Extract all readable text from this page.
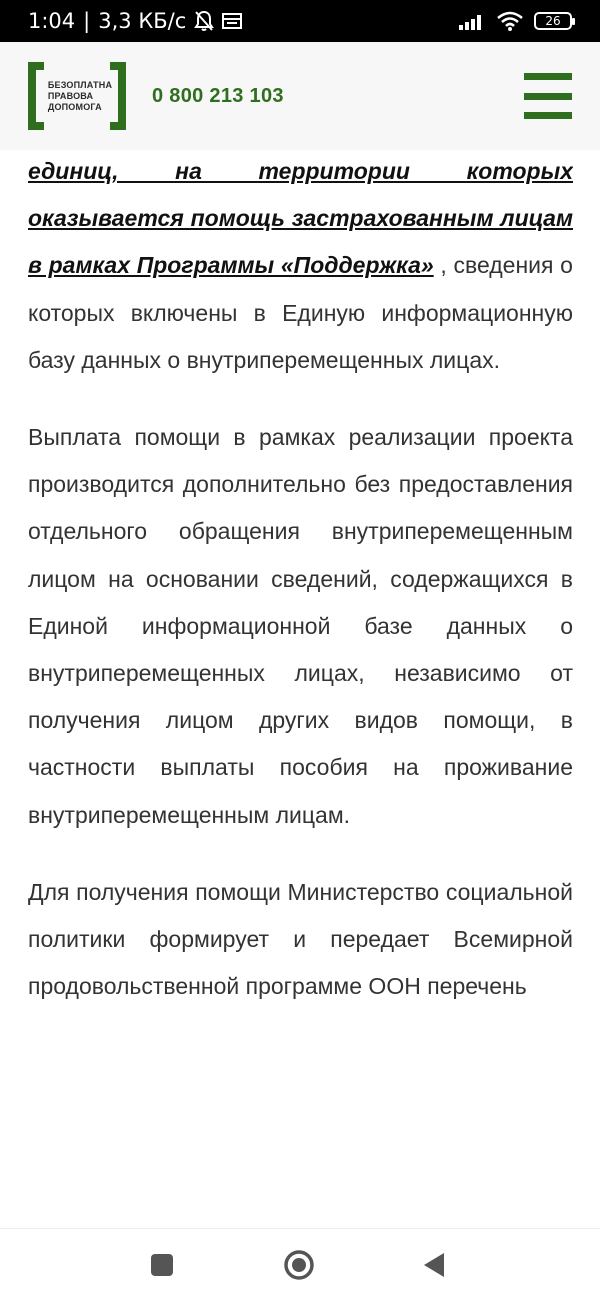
1:04 | 3,3 КБ/с	26
БЕЗОПЛАТНА
ПРАВОВА
ДОПОМОГА	0 800 213 103

единиц, на территории которых оказывается помощь застрахованным лицам в рамках Программы «Поддержка» , сведения о которых включены в Единую информационную базу данных о внутриперемещенных лицах.

Выплата помощи в рамках реализации проекта производится дополнительно без предоставления отдельного обращения внутриперемещенным лицом на основании сведений, содержащихся в Единой информационной базе данных о внутриперемещенных лицах, независимо от получения лицом других видов помощи, в частности выплаты пособия на проживание внутриперемещенным лицам.

Для получения помощи Министерство социальной политики формирует и передает Всемирной продовольственной программе ООН перечень
